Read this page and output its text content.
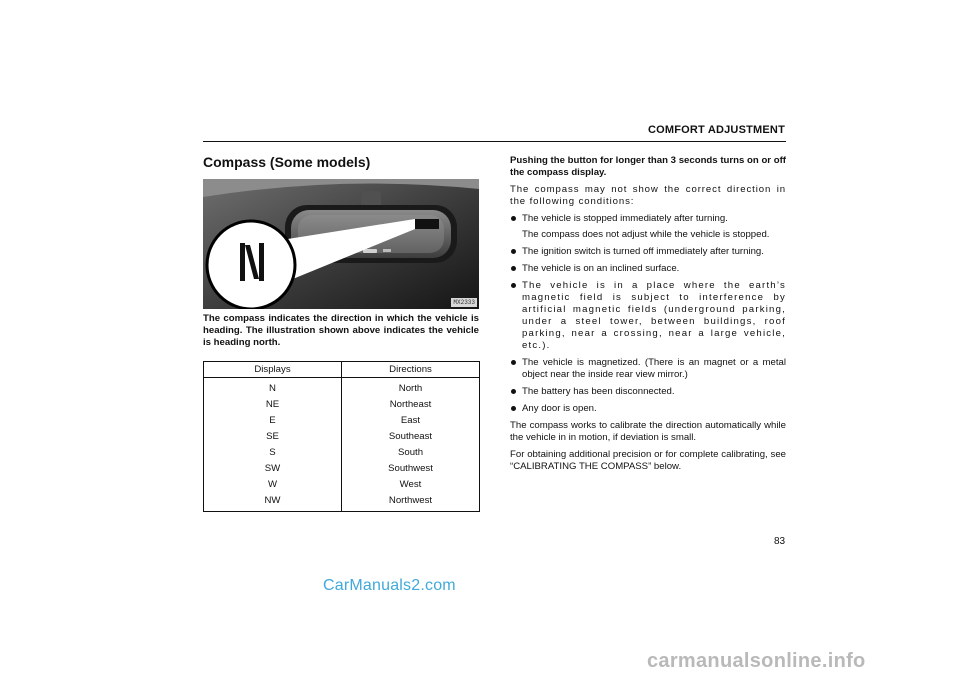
COMFORT ADJUSTMENT
Compass (Some models)
MX2333
The compass indicates the direction in which the vehicle is heading. The illustration shown above indicates the vehicle is heading north.
Displays	Directions
N	North
NE	Northeast
E	East
SE	Southeast
S	South
SW	Southwest
W	West
NW	Northwest

Pushing the button for longer than 3 seconds turns on or off the compass display.

The compass may not show the correct direction in the following conditions:

The vehicle is stopped immediately after turning.
The compass does not adjust while the vehicle is stopped.
The ignition switch is turned off immediately after turning.
The vehicle is on an inclined surface.
The vehicle is in a place where the earth’s magnetic field is subject to interference by artificial magnetic fields (underground parking, under a steel tower, between buildings, roof parking, near a crossing, near a large vehicle, etc.).
The vehicle is magnetized. (There is an magnet or a metal object near the inside rear view mirror.)
The battery has been disconnected.
Any door is open.

The compass works to calibrate the direction automatically while the vehicle in in motion, if deviation is small.

For obtaining additional precision or for complete calibrating, see “CALIBRATING THE COMPASS” below.

83
CarManuals2.com
carmanualsonline.info
